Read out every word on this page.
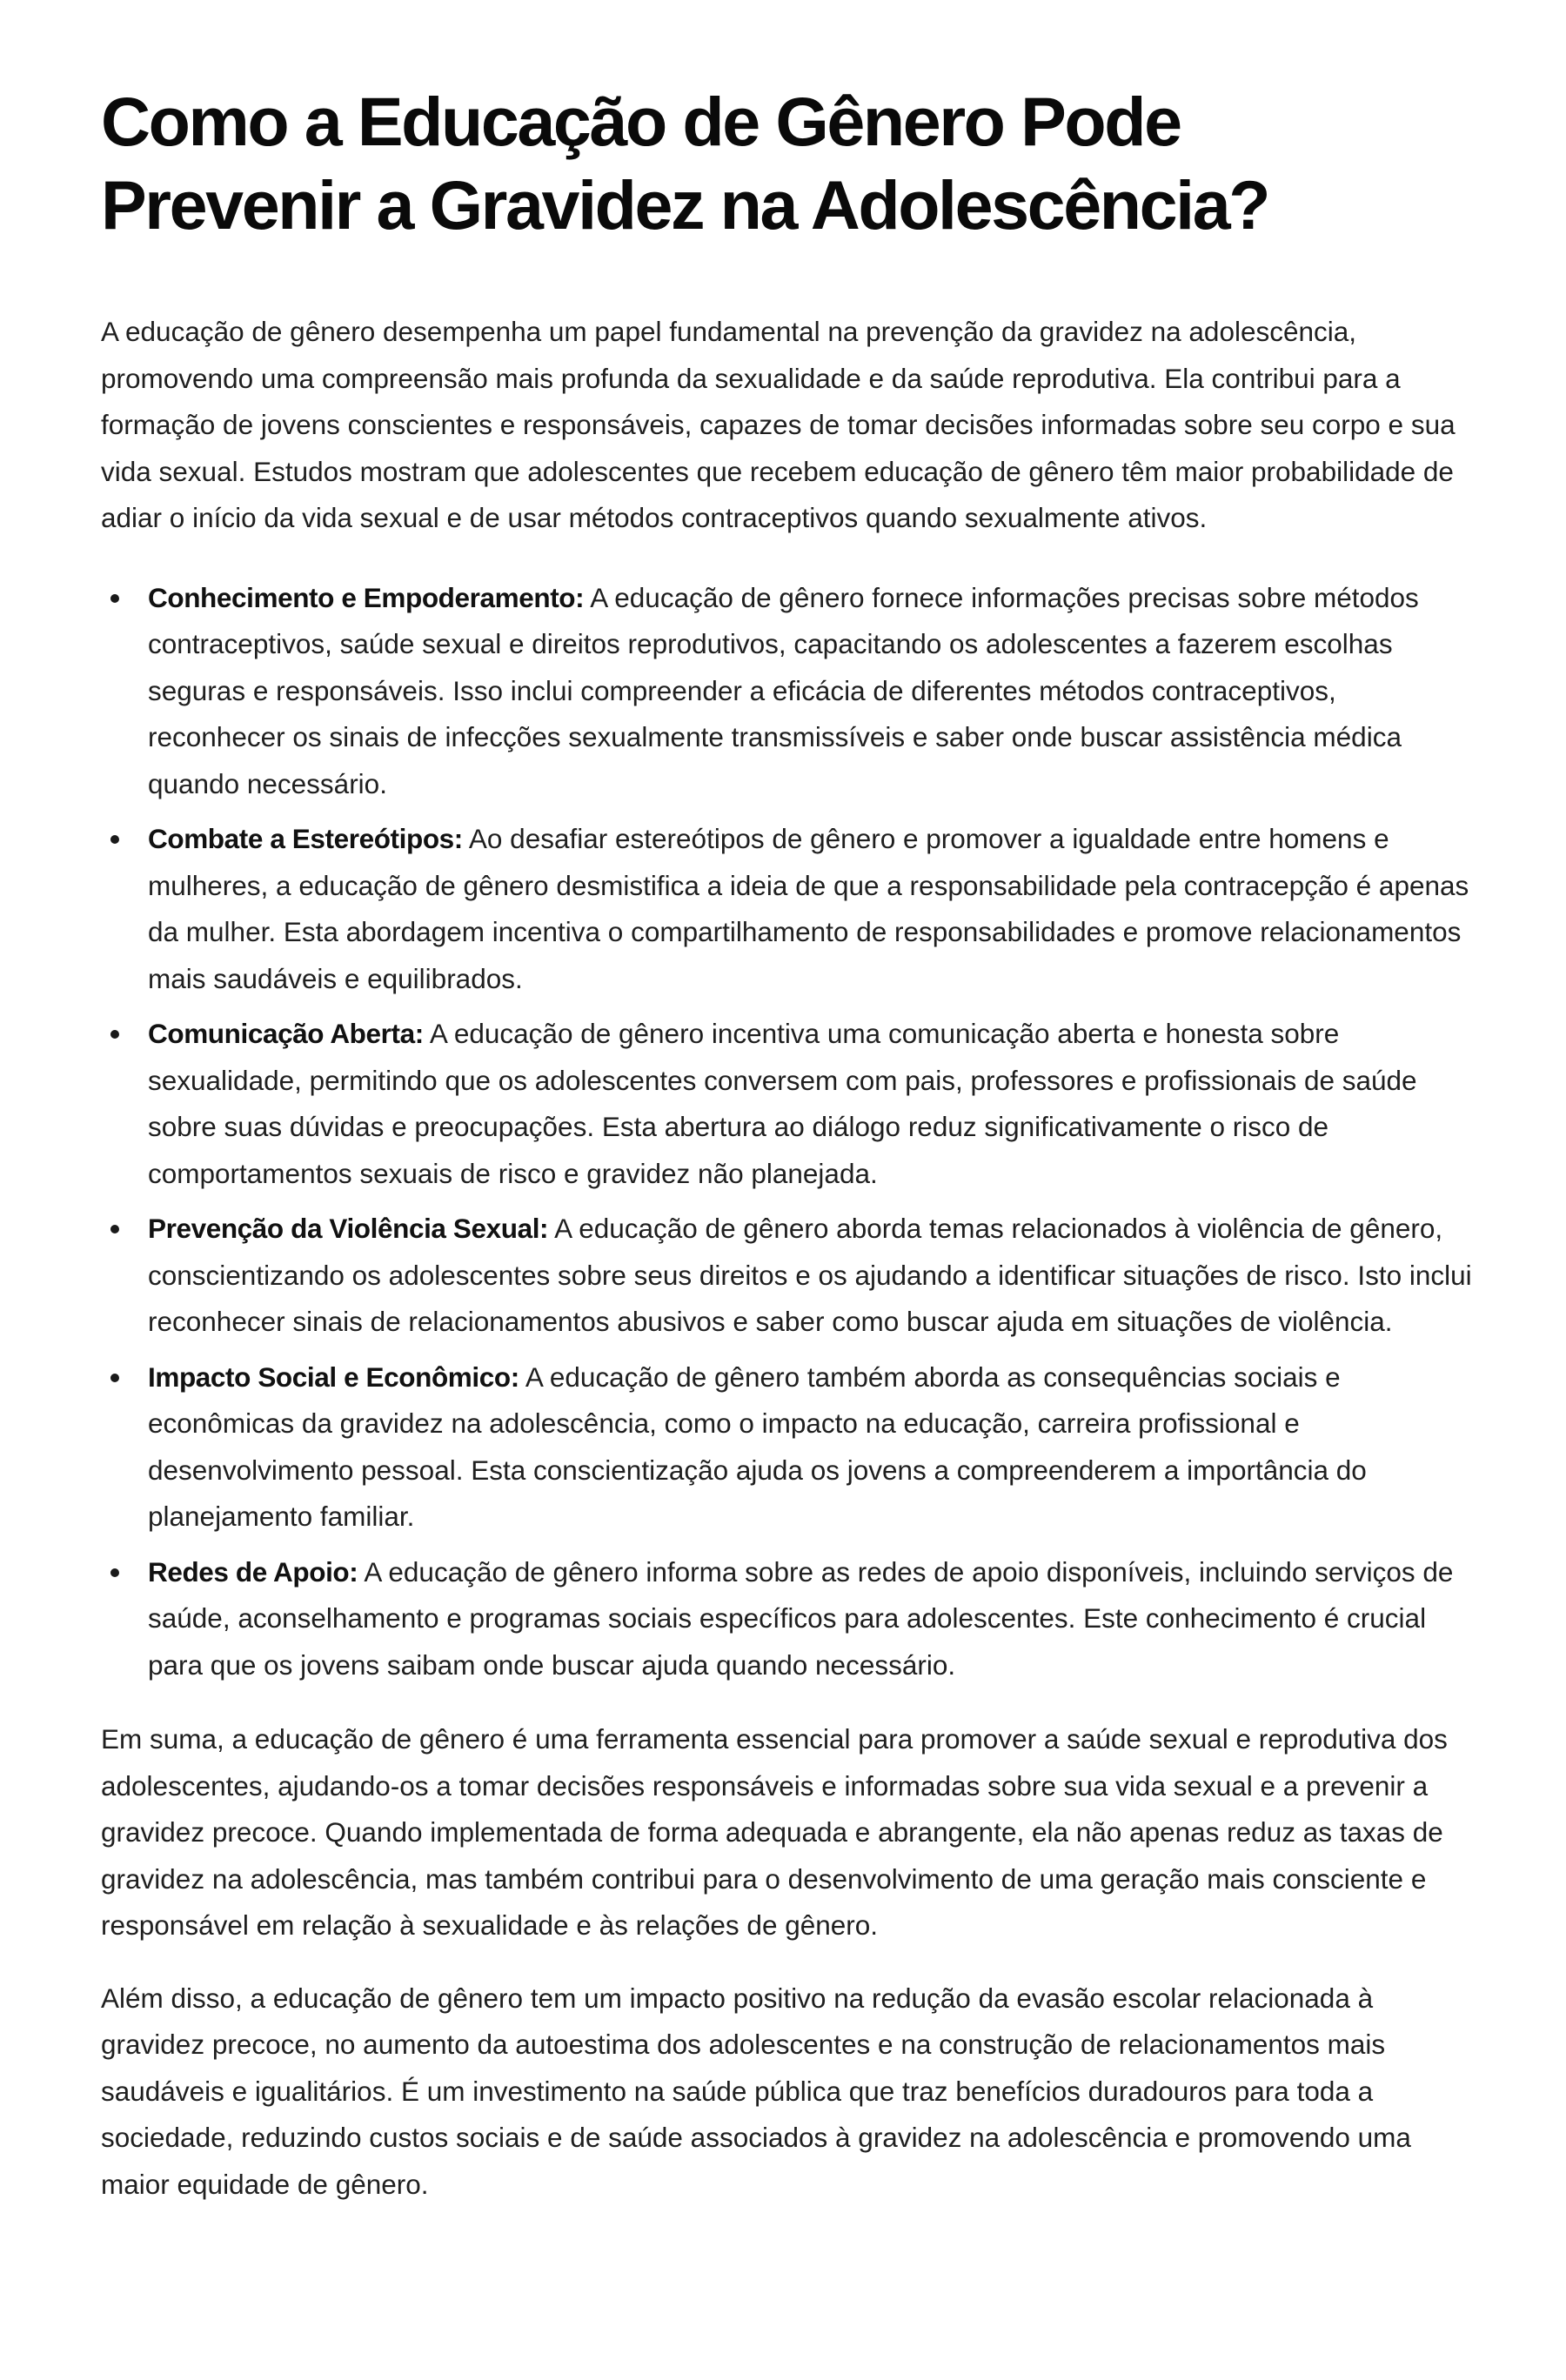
Como a Educação de Gênero Pode
Prevenir a Gravidez na Adolescência?

A educação de gênero desempenha um papel fundamental na prevenção da gravidez na adolescência, promovendo uma compreensão mais profunda da sexualidade e da saúde reprodutiva. Ela contribui para a formação de jovens conscientes e responsáveis, capazes de tomar decisões informadas sobre seu corpo e sua vida sexual. Estudos mostram que adolescentes que recebem educação de gênero têm maior probabilidade de adiar o início da vida sexual e de usar métodos contraceptivos quando sexualmente ativos.

Conhecimento e Empoderamento: A educação de gênero fornece informações precisas sobre métodos contraceptivos, saúde sexual e direitos reprodutivos, capacitando os adolescentes a fazerem escolhas seguras e responsáveis. Isso inclui compreender a eficácia de diferentes métodos contraceptivos, reconhecer os sinais de infecções sexualmente transmissíveis e saber onde buscar assistência médica quando necessário.
Combate a Estereótipos: Ao desafiar estereótipos de gênero e promover a igualdade entre homens e mulheres, a educação de gênero desmistifica a ideia de que a responsabilidade pela contracepção é apenas da mulher. Esta abordagem incentiva o compartilhamento de responsabilidades e promove relacionamentos mais saudáveis e equilibrados.
Comunicação Aberta: A educação de gênero incentiva uma comunicação aberta e honesta sobre sexualidade, permitindo que os adolescentes conversem com pais, professores e profissionais de saúde sobre suas dúvidas e preocupações. Esta abertura ao diálogo reduz significativamente o risco de comportamentos sexuais de risco e gravidez não planejada.
Prevenção da Violência Sexual: A educação de gênero aborda temas relacionados à violência de gênero, conscientizando os adolescentes sobre seus direitos e os ajudando a identificar situações de risco. Isto inclui reconhecer sinais de relacionamentos abusivos e saber como buscar ajuda em situações de violência.
Impacto Social e Econômico: A educação de gênero também aborda as consequências sociais e econômicas da gravidez na adolescência, como o impacto na educação, carreira profissional e desenvolvimento pessoal. Esta conscientização ajuda os jovens a compreenderem a importância do planejamento familiar.
Redes de Apoio: A educação de gênero informa sobre as redes de apoio disponíveis, incluindo serviços de saúde, aconselhamento e programas sociais específicos para adolescentes. Este conhecimento é crucial para que os jovens saibam onde buscar ajuda quando necessário.

Em suma, a educação de gênero é uma ferramenta essencial para promover a saúde sexual e reprodutiva dos adolescentes, ajudando-os a tomar decisões responsáveis e informadas sobre sua vida sexual e a prevenir a gravidez precoce. Quando implementada de forma adequada e abrangente, ela não apenas reduz as taxas de gravidez na adolescência, mas também contribui para o desenvolvimento de uma geração mais consciente e responsável em relação à sexualidade e às relações de gênero.

Além disso, a educação de gênero tem um impacto positivo na redução da evasão escolar relacionada à gravidez precoce, no aumento da autoestima dos adolescentes e na construção de relacionamentos mais saudáveis e igualitários. É um investimento na saúde pública que traz benefícios duradouros para toda a sociedade, reduzindo custos sociais e de saúde associados à gravidez na adolescência e promovendo uma maior equidade de gênero.
